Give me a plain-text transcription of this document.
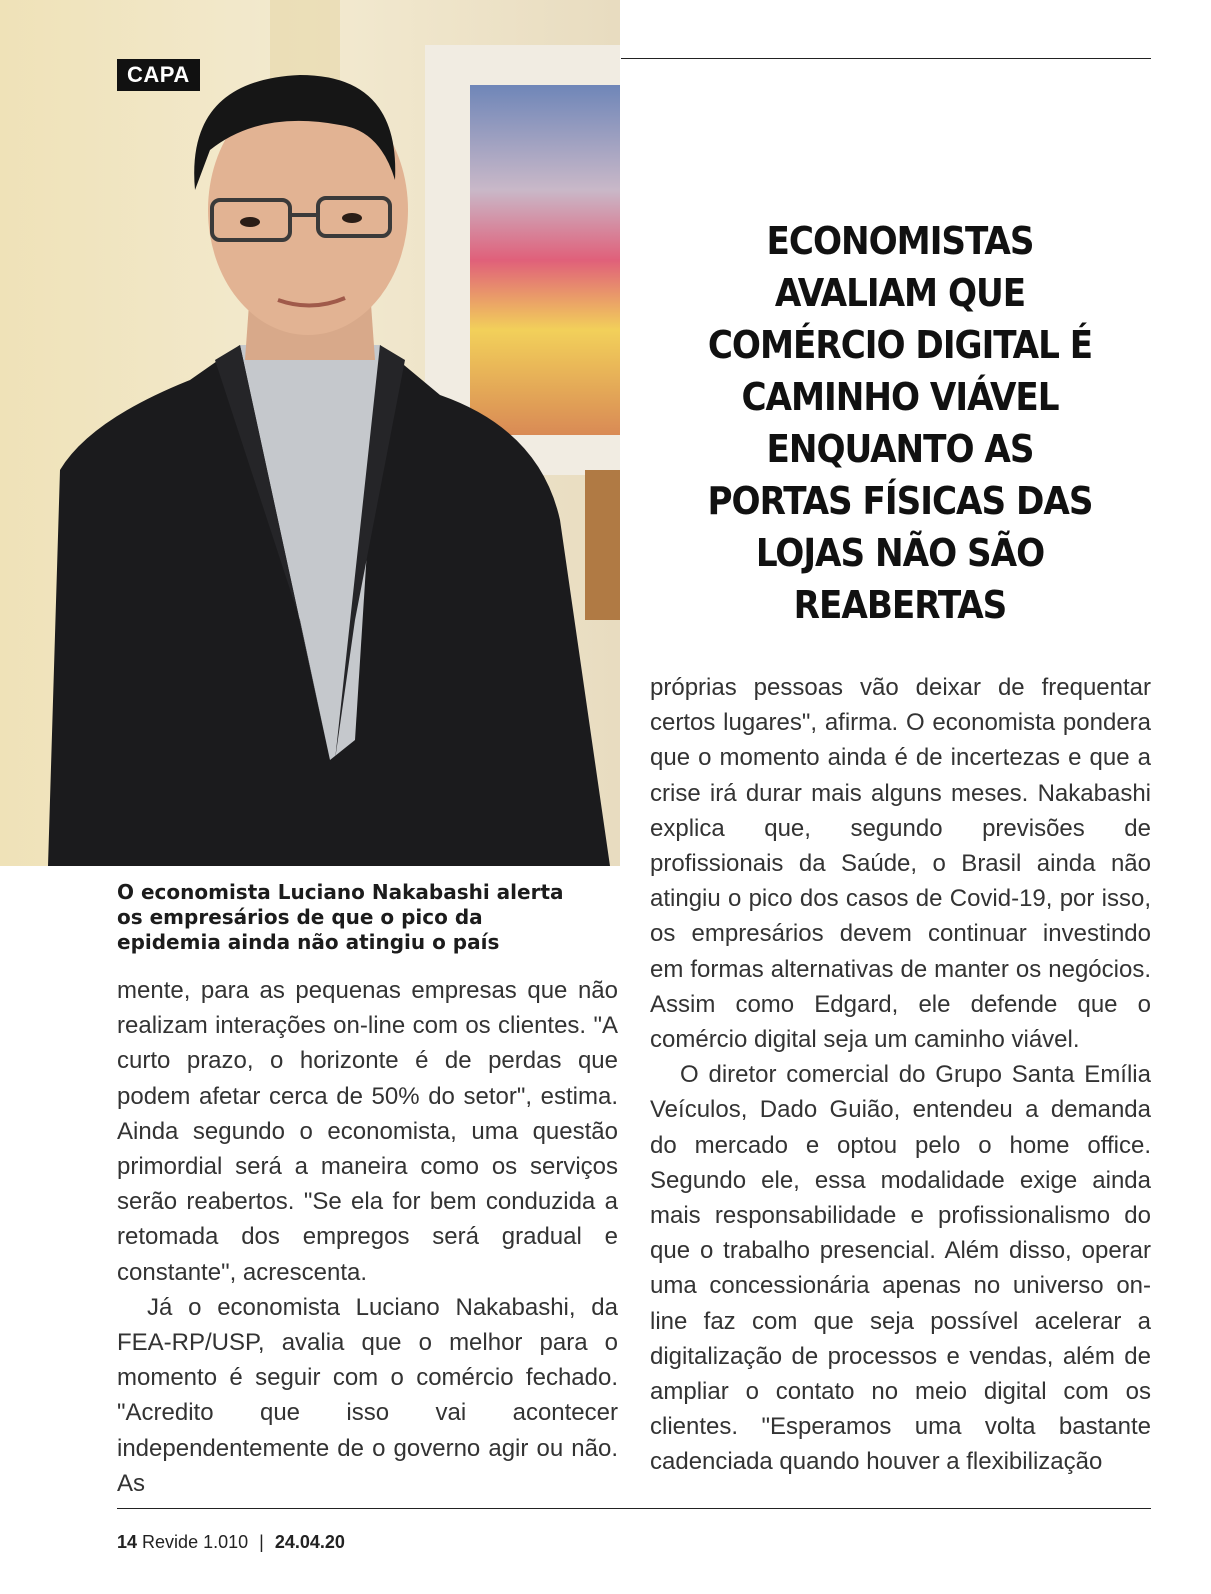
CAPA
ECONOMISTAS AVALIAM QUE COMÉRCIO DIGITAL É CAMINHO VIÁVEL ENQUANTO AS PORTAS FÍSICAS DAS LOJAS NÃO SÃO REABERTAS

O economista Luciano Nakabashi alerta os empresários de que o pico da epidemia ainda não atingiu o país

mente, para as pequenas empresas que não realizam interações on-line com os clientes. "A curto prazo, o horizonte é de perdas que podem afetar cerca de 50% do setor", estima. Ainda segundo o economista, uma questão primordial será a maneira como os serviços serão reabertos. "Se ela for bem conduzida a retomada dos empregos será gradual e constante", acrescenta.

Já o economista Luciano Nakabashi, da FEA-RP/USP, avalia que o melhor para o momento é seguir com o comércio fechado. "Acredito que isso vai acontecer independentemente de o governo agir ou não. As

próprias pessoas vão deixar de frequentar certos lugares", afirma. O economista pondera que o momento ainda é de incertezas e que a crise irá durar mais alguns meses. Nakabashi explica que, segundo previsões de profissionais da Saúde, o Brasil ainda não atingiu o pico dos casos de Covid-19, por isso, os empresários devem continuar investindo em formas alternativas de manter os negócios. Assim como Edgard, ele defende que o comércio digital seja um caminho viável.

O diretor comercial do Grupo Santa Emília Veículos, Dado Guião, entendeu a demanda do mercado e optou pelo o home office. Segundo ele, essa modalidade exige ainda mais responsabilidade e profissionalismo do que o trabalho presencial. Além disso, operar uma concessionária apenas no universo on-line faz com que seja possível acelerar a digitalização de processos e vendas, além de ampliar o contato no meio digital com os clientes. "Esperamos uma volta bastante cadenciada quando houver a flexibilização

14 Revide 1.010 | 24.04.20
